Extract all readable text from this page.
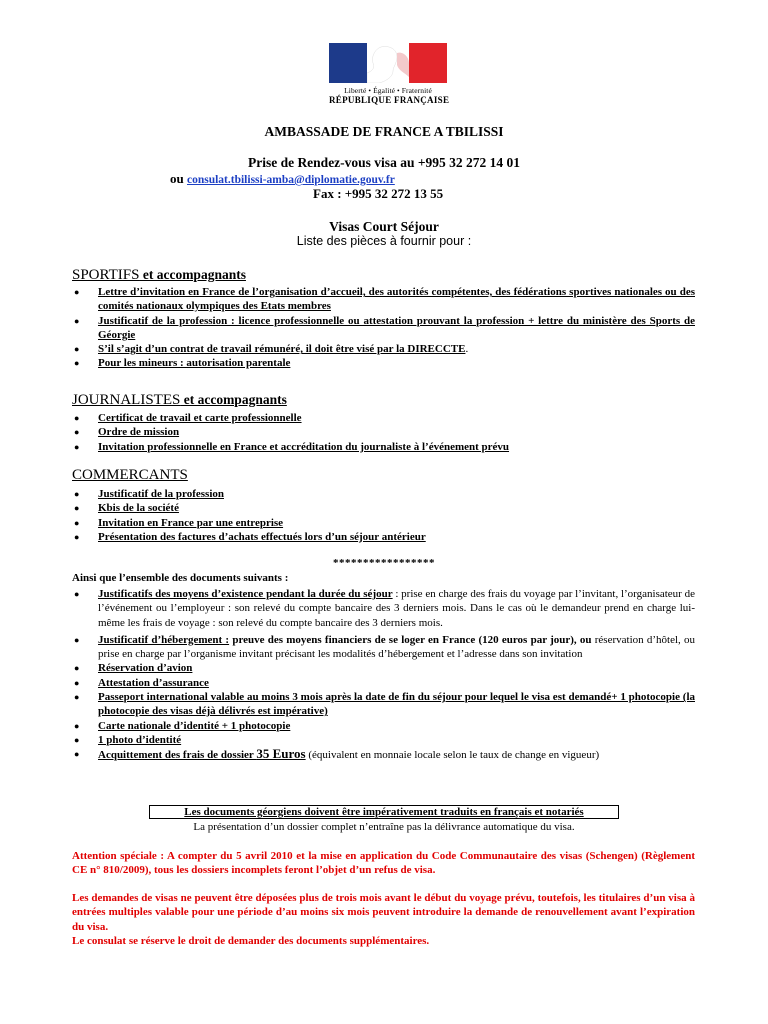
Liberté • Égalité • Fraternité
RÉPUBLIQUE FRANÇAISE
AMBASSADE DE FRANCE A TBILISSI
Prise de Rendez-vous visa au +995 32 272 14 01
ou consulat.tbilissi-amba@diplomatie.gouv.fr
Fax : +995 32 272 13 55
Visas Court Séjour
Liste des pièces à fournir pour :
SPORTIFS et accompagnants
● Lettre d’invitation en France de l’organisation d’accueil, des autorités compétentes, des fédérations sportives nationales ou des comités nationaux olympiques des Etats membres
● Justificatif de la profession : licence professionnelle ou attestation prouvant la profession + lettre du ministère des Sports de Géorgie
● S’il s’agit d’un contrat de travail rémunéré, il doit être visé par la DIRECCTE.
● Pour les mineurs : autorisation parentale
JOURNALISTES et accompagnants
● Certificat de travail et carte professionnelle
● Ordre de mission
● Invitation professionnelle en France et accréditation du journaliste à l’événement prévu
COMMERCANTS
● Justificatif de la profession
● Kbis de la société
● Invitation en France par une entreprise
● Présentation des factures d’achats effectués lors d’un séjour antérieur
*****************
Ainsi que l’ensemble des documents suivants :
● Justificatifs des moyens d’existence pendant la durée du séjour : prise en charge des frais du voyage par l’invitant, l’organisateur de l’événement ou l’employeur : son relevé du compte bancaire des 3 derniers mois. Dans le cas où le demandeur prend en charge lui-même les frais de voyage : son relevé du compte bancaire des 3 derniers mois.
● Justificatif d’hébergement : preuve des moyens financiers de se loger en France (120 euros par jour), ou réservation d’hôtel, ou prise en charge par l’organisme invitant précisant les modalités d’hébergement et l’adresse dans son invitation
● Réservation d’avion
● Attestation d’assurance
● Passeport international valable au moins 3 mois après la date de fin du séjour pour lequel le visa est demandé+ 1 photocopie (la photocopie des visas déjà délivrés est impérative)
● Carte nationale d’identité + 1 photocopie
● 1 photo d’identité
● Acquittement des frais de dossier 35 Euros (équivalent en monnaie locale selon le taux de change en vigueur)
Les documents géorgiens doivent être impérativement traduits en français et notariés
La présentation d’un dossier complet n’entraîne pas la délivrance automatique du visa.
Attention spéciale : A compter du 5 avril 2010 et la mise en application du Code Communautaire des visas (Schengen) (Règlement CE n° 810/2009), tous les dossiers incomplets feront l’objet d’un refus de visa.
Les demandes de visas ne peuvent être déposées plus de trois mois avant le début du voyage prévu, toutefois, les titulaires d’un visa à entrées multiples valable pour une période d’au moins six mois peuvent introduire la demande de renouvellement avant l’expiration du visa.
Le consulat se réserve le droit de demander des documents supplémentaires.
